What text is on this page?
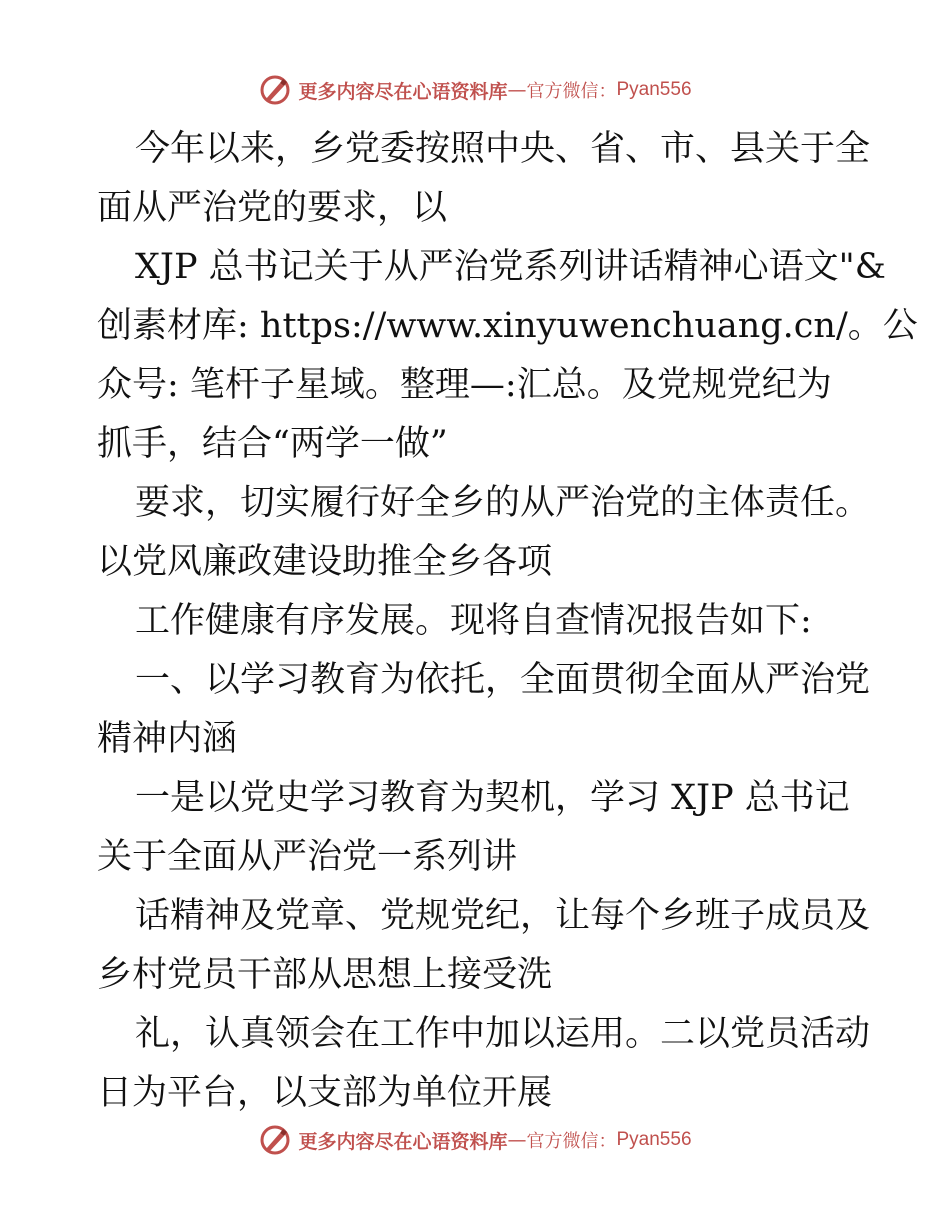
更多内容尽在心语资料库 — 官方微信： Pyan556
今年以来，乡党委按照中央、省、市、县关于全
面从严治党的要求，以
XJP 总书记关于从严治党系列讲话精神心语文"&
创素材库: https://www.xinyuwenchuang.cn/。公
众号: 笔杆子星域。整理—:汇总。及党规党纪为
抓手，结合“两学一做”
要求，切实履行好全乡的从严治党的主体责任。
以党风廉政建设助推全乡各项
工作健康有序发展。现将自查情况报告如下:
一、以学习教育为依托，全面贯彻全面从严治党
精神内涵
一是以党史学习教育为契机，学习 XJP 总书记
关于全面从严治党一系列讲
话精神及党章、党规党纪，让每个乡班子成员及
乡村党员干部从思想上接受洗
礼，认真领会在工作中加以运用。二以党员活动
日为平台，以支部为单位开展
更多内容尽在心语资料库 — 官方微信： Pyan556
